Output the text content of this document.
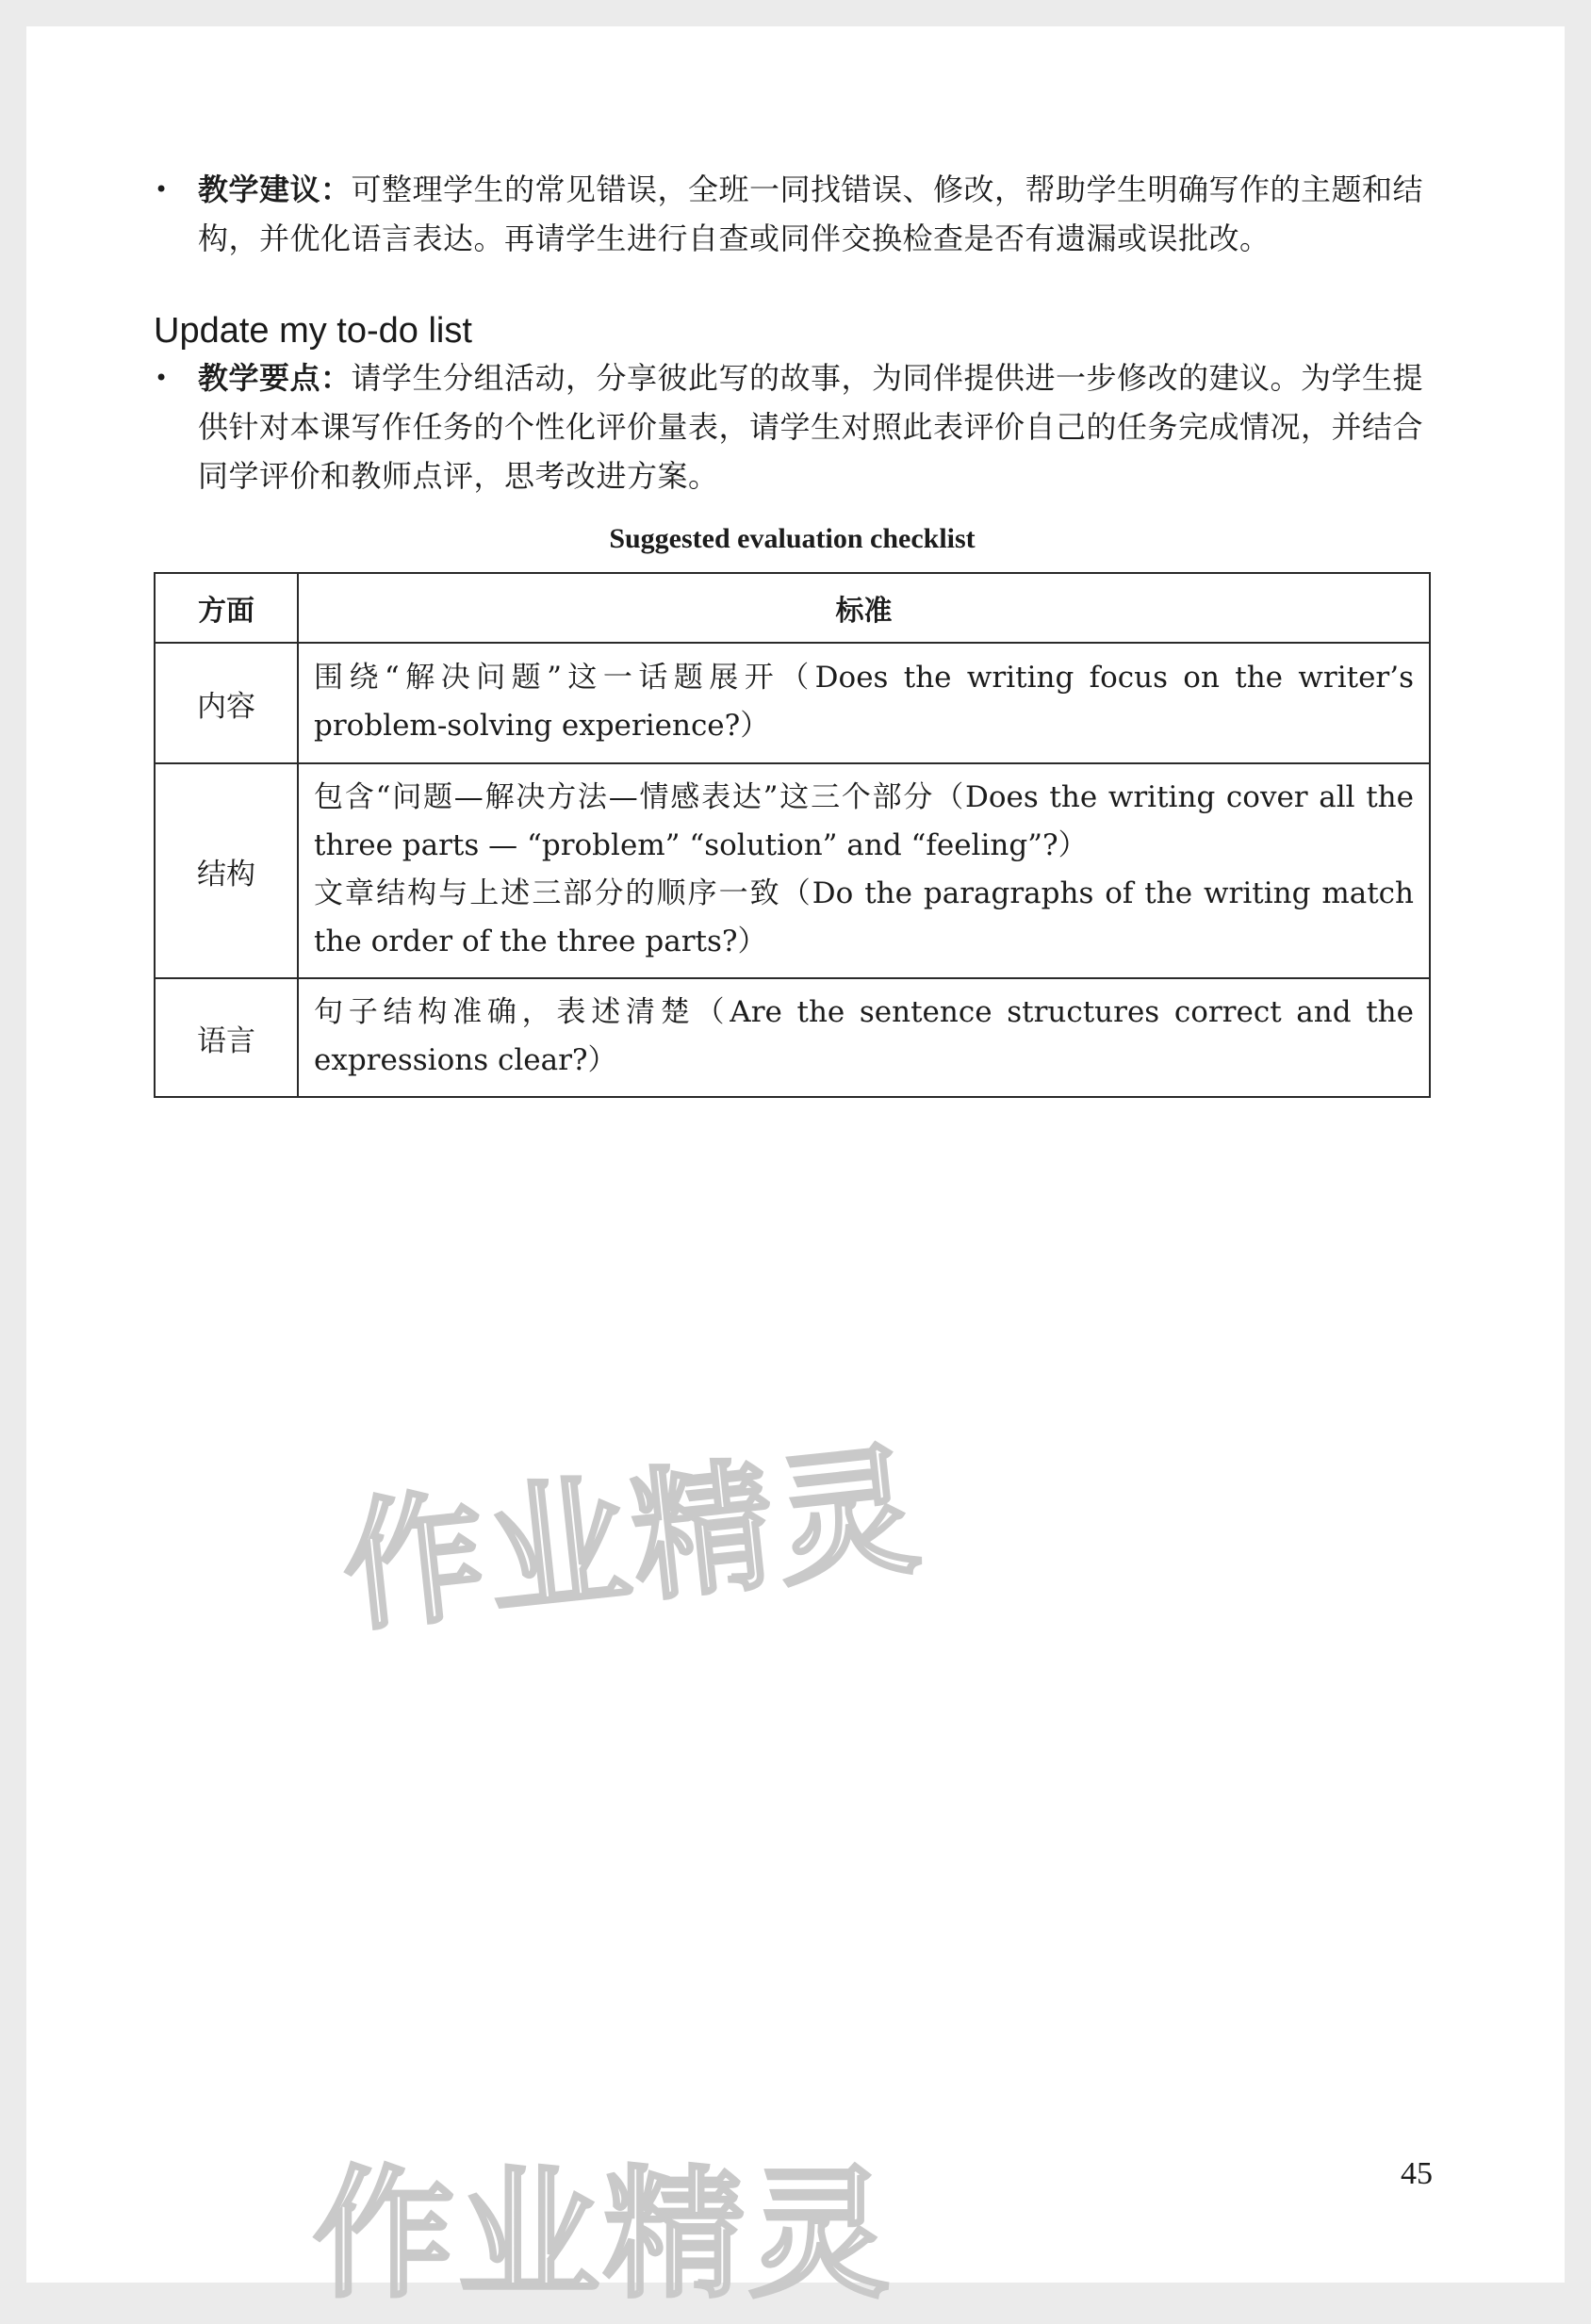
• 教学建议：可整理学生的常见错误，全班一同找错误、修改，帮助学生明确写作的主题和结构，并优化语言表达。再请学生进行自查或同伴交换检查是否有遗漏或误批改。
Update my to-do list
• 教学要点：请学生分组活动，分享彼此写的故事，为同伴提供进一步修改的建议。为学生提供针对本课写作任务的个性化评价量表，请学生对照此表评价自己的任务完成情况，并结合同学评价和教师点评，思考改进方案。
Suggested evaluation checklist
方面	标准
内容	围绕“解决问题”这一话题展开（Does the writing focus on the writer’s problem-solving experience?）

结构	包含“问题—解决方法—情感表达”这三个部分（Does the writing cover all the three parts — “problem” “solution” and “feeling”?）
文章结构与上述三部分的顺序一致（Do the paragraphs of the writing match the order of the three parts?）

语言	句子结构准确，表述清楚（Are the sentence structures correct and the expressions clear?）
作业精灵
作业精灵	45
